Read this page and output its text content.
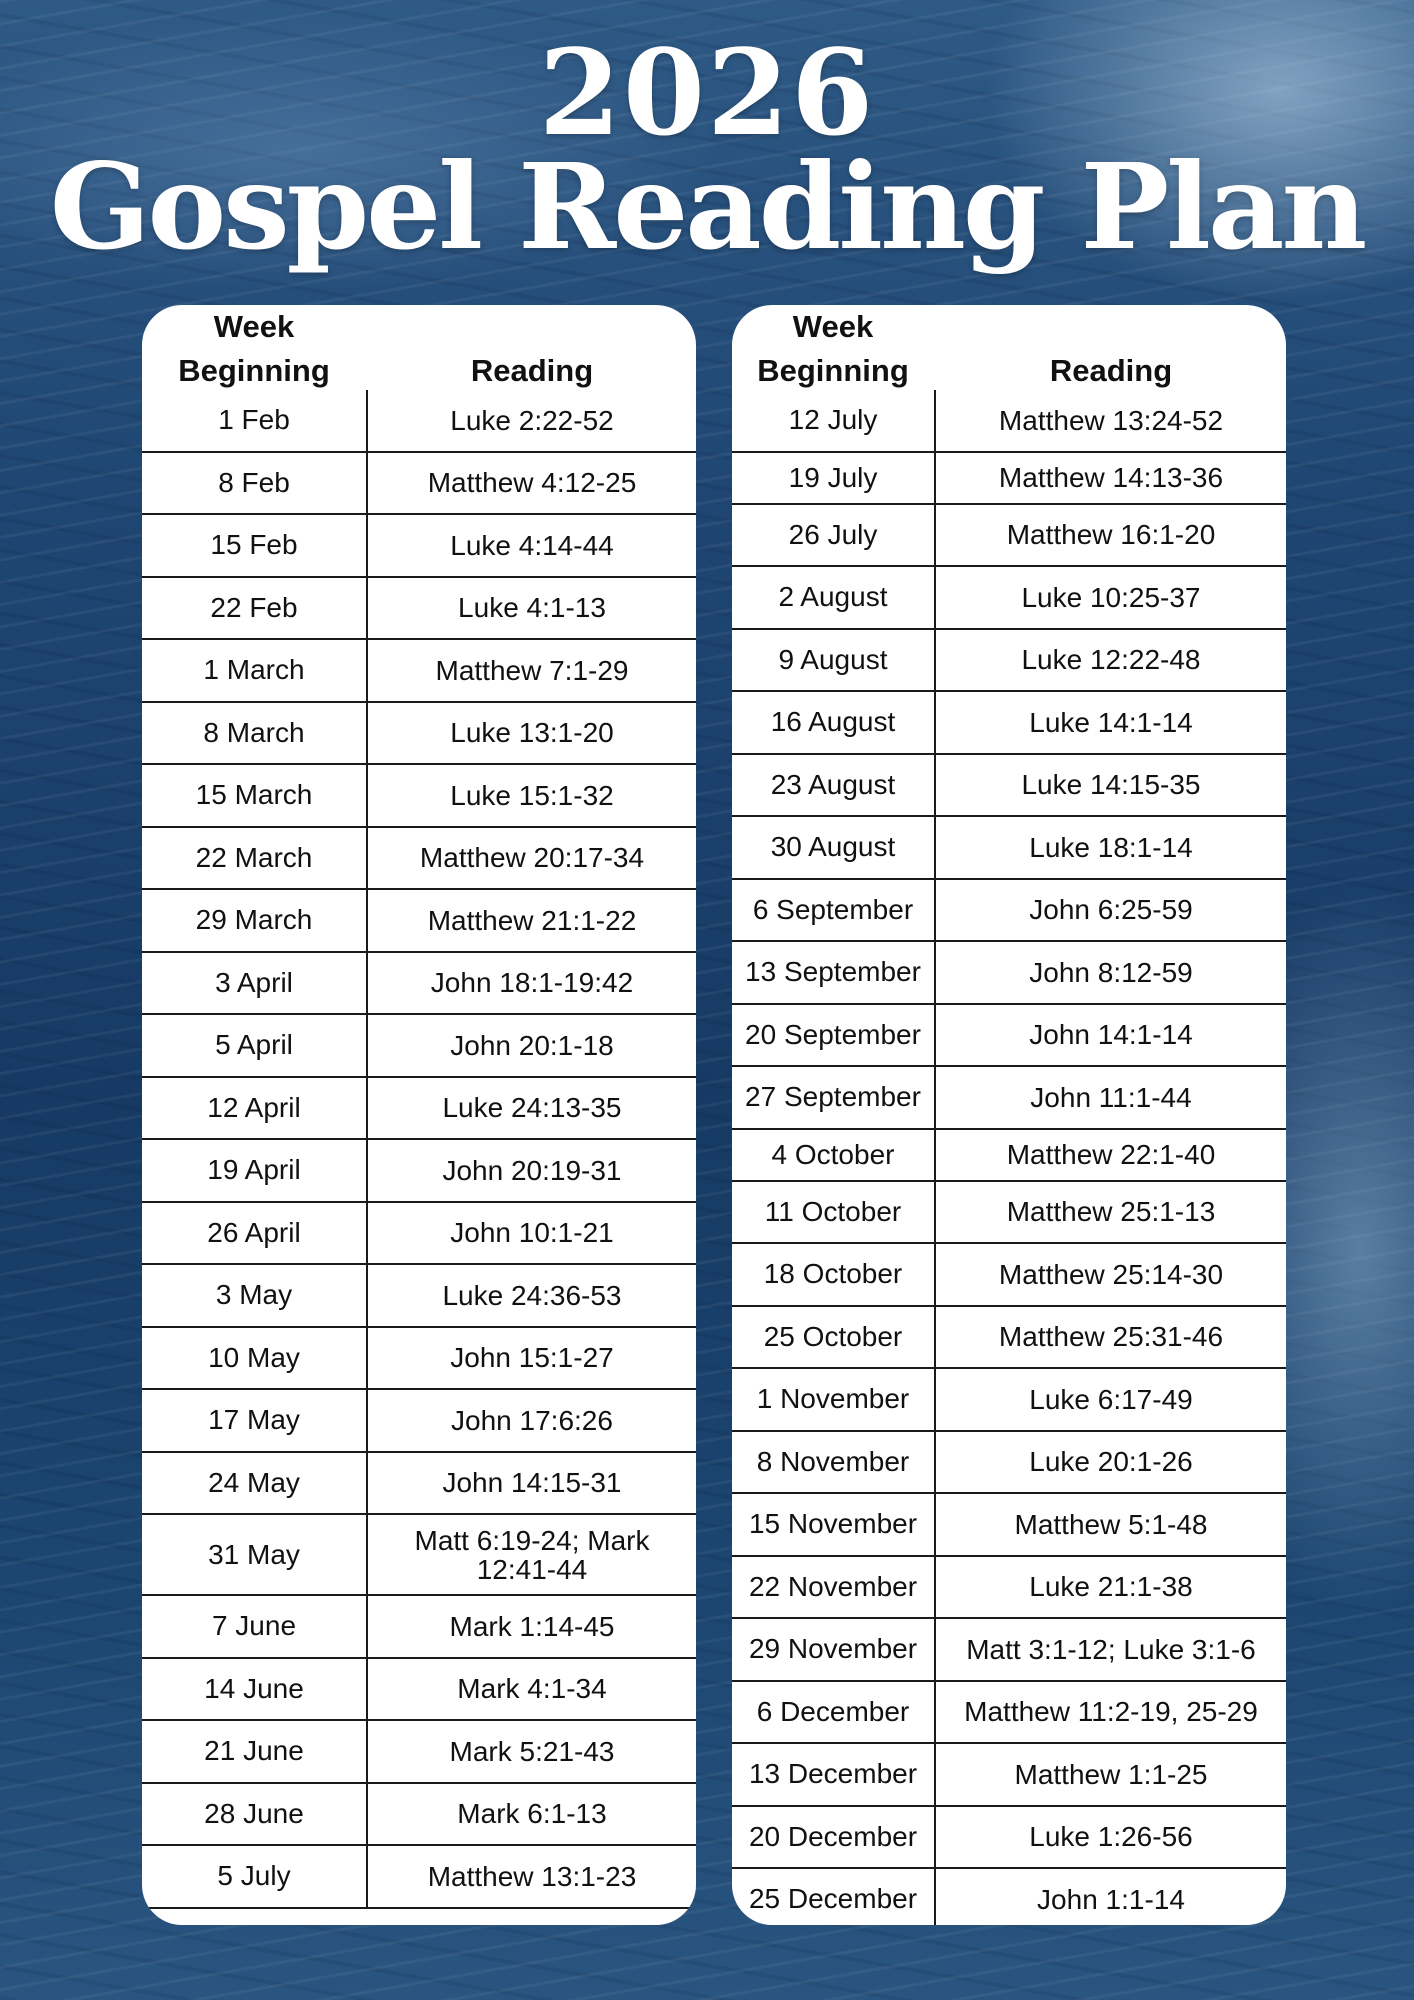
2026
Gospel Reading Plan
Week
Beginning	Reading
1 Feb	Luke 2:22-52
8 Feb	Matthew 4:12-25
15 Feb	Luke 4:14-44
22 Feb	Luke 4:1-13
1 March	Matthew 7:1-29
8 March	Luke 13:1-20
15 March	Luke 15:1-32
22 March	Matthew 20:17-34
29 March	Matthew 21:1-22
3 April	John 18:1-19:42
5 April	John 20:1-18
12 April	Luke 24:13-35
19 April	John 20:19-31
26 April	John 10:1-21
3 May	Luke 24:36-53
10 May	John 15:1-27
17 May	John 17:6:26
24 May	John 14:15-31
31 May	Matt 6:19-24; Mark 12:41-44
7 June	Mark 1:14-45
14 June	Mark 4:1-34
21 June	Mark 5:21-43
28 June	Mark 6:1-13
5 July	Matthew 13:1-23
Week
Beginning	Reading
12 July	Matthew 13:24-52
19 July	Matthew 14:13-36
26 July	Matthew 16:1-20
2 August	Luke 10:25-37
9 August	Luke 12:22-48
16 August	Luke 14:1-14
23 August	Luke 14:15-35
30 August	Luke 18:1-14
6 September	John 6:25-59
13 September	John 8:12-59
20 September	John 14:1-14
27 September	John 11:1-44
4 October	Matthew 22:1-40
11 October	Matthew 25:1-13
18 October	Matthew 25:14-30
25 October	Matthew 25:31-46
1 November	Luke 6:17-49
8 November	Luke 20:1-26
15 November	Matthew 5:1-48
22 November	Luke 21:1-38
29 November	Matt 3:1-12; Luke 3:1-6
6 December	Matthew 11:2-19, 25-29
13 December	Matthew 1:1-25
20 December	Luke 1:26-56
25 December	John 1:1-14
